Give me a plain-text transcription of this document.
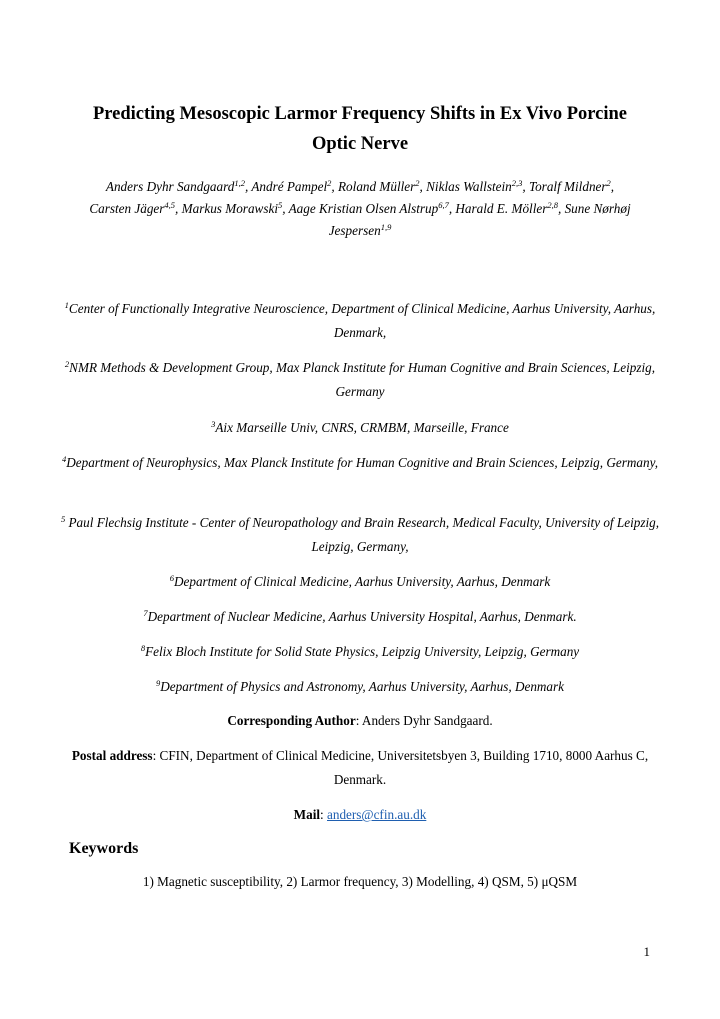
Predicting Mesoscopic Larmor Frequency Shifts in Ex Vivo Porcine
Optic Nerve

Anders Dyhr Sandgaard$^{1,2}$, André Pampel$^2$, Roland Müller$^2$, Niklas Wallstein$^{2,3}$, Toralf Mildner$^2$,
Carsten Jäger$^{4,5}$, Markus Morawski$^5$, Aage Kristian Olsen Alstrup$^{6,7}$, Harald E. Möller$^{2,8}$, Sune Nørhøj Jespersen$^{1,9}$

$^1$Center of Functionally Integrative Neuroscience, Department of Clinical Medicine, Aarhus University, Aarhus, Denmark,

$^2$NMR Methods & Development Group, Max Planck Institute for Human Cognitive and Brain Sciences, Leipzig, Germany

$^3$Aix Marseille Univ, CNRS, CRMBM, Marseille, France

$^4$Department of Neurophysics, Max Planck Institute for Human Cognitive and Brain Sciences, Leipzig, Germany,

$^5$ Paul Flechsig Institute - Center of Neuropathology and Brain Research, Medical Faculty, University of Leipzig, Leipzig, Germany,

$^6$Department of Clinical Medicine, Aarhus University, Aarhus, Denmark

$^7$Department of Nuclear Medicine, Aarhus University Hospital, Aarhus, Denmark.

$^8$Felix Bloch Institute for Solid State Physics, Leipzig University, Leipzig, Germany

$^9$Department of Physics and Astronomy, Aarhus University, Aarhus, Denmark

Corresponding Author: Anders Dyhr Sandgaard.

Postal address: CFIN, Department of Clinical Medicine, Universitetsbyen 3, Building 1710, 8000 Aarhus C, Denmark.

Mail: anders@cfin.au.dk

Keywords

1) Magnetic susceptibility, 2) Larmor frequency, 3) Modelling, 4) QSM, 5) μQSM

1
